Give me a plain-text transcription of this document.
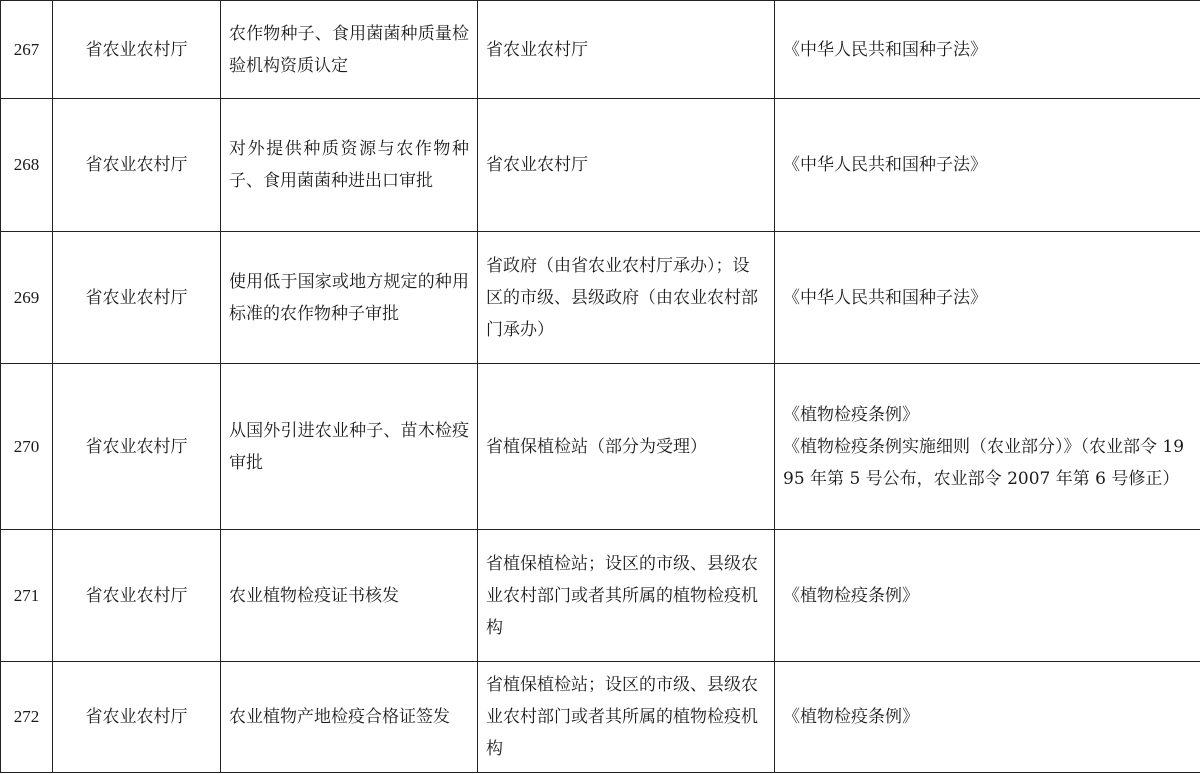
267	省农业农村厅	农作物种子、食用菌菌种质量检验机构资质认定	省农业农村厅	《中华人民共和国种子法》

268	省农业农村厅	对外提供种质资源与农作物种子、食用菌菌种进出口审批	省农业农村厅	《中华人民共和国种子法》

269	省农业农村厅	使用低于国家或地方规定的种用标准的农作物种子审批	省政府（由省农业农村厅承办）；设区的市级、县级政府（由农业农村部门承办）	《中华人民共和国种子法》

270	省农业农村厅	从国外引进农业种子、苗木检疫审批	省植保植检站（部分为受理）	《植物检疫条例》
《植物检疫条例实施细则（农业部分）》（农业部令 1995 年第 5 号公布，农业部令 2007 年第 6 号修正）

271	省农业农村厅	农业植物检疫证书核发	省植保植检站；设区的市级、县级农业农村部门或者其所属的植物检疫机构	《植物检疫条例》

272	省农业农村厅	农业植物产地检疫合格证签发	省植保植检站；设区的市级、县级农业农村部门或者其所属的植物检疫机构	《植物检疫条例》
